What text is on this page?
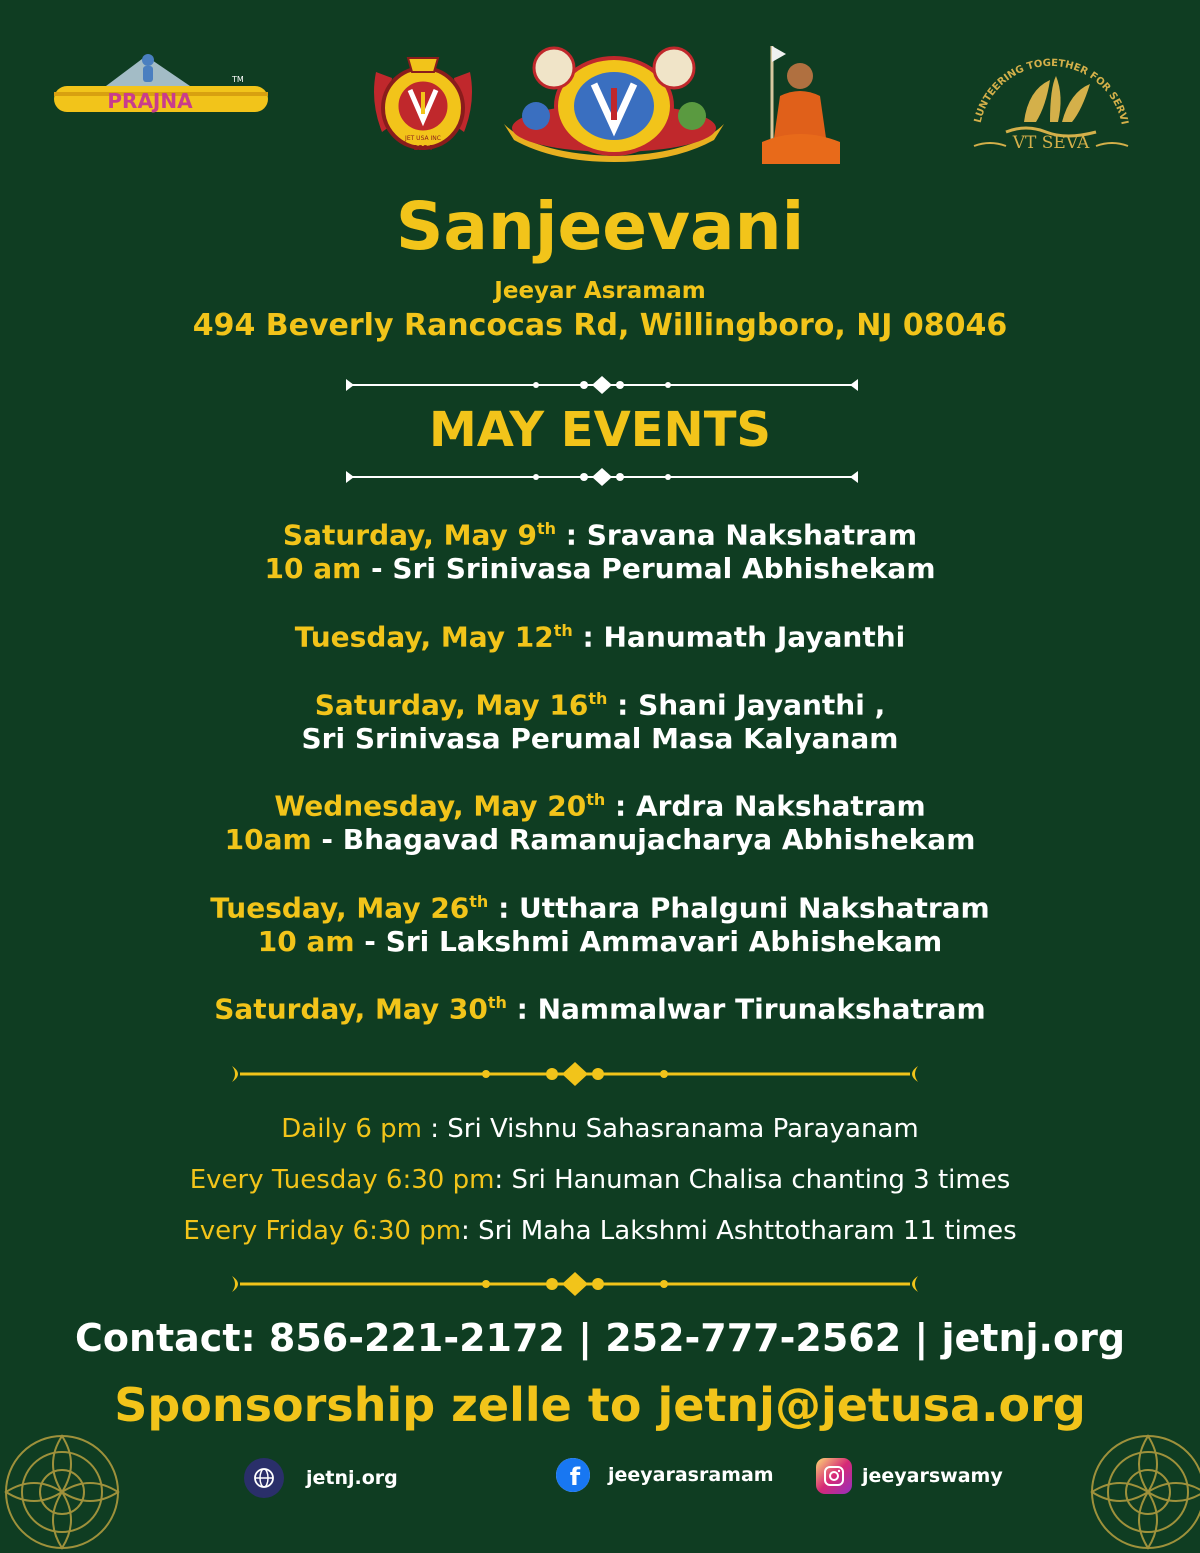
PRAJNA
TM
JET USA INC
1994
LUNTEERING TOGETHER FOR SERVI
VT SEVA
Sanjeevani
Jeeyar Asramam
494 Beverly Rancocas Rd, Willingboro, NJ 08046
MAY EVENTS
Saturday, May 9th : Sravana Nakshatram
10 am - Sri Srinivasa Perumal Abhishekam
Tuesday, May 12th : Hanumath Jayanthi
Saturday, May 16th : Shani Jayanthi ,
Sri Srinivasa Perumal Masa Kalyanam
Wednesday, May 20th : Ardra Nakshatram
10am - Bhagavad Ramanujacharya Abhishekam
Tuesday, May 26th : Utthara Phalguni Nakshatram
10 am - Sri Lakshmi Ammavari Abhishekam
Saturday, May 30th : Nammalwar Tirunakshatram
Daily 6 pm : Sri Vishnu Sahasranama Parayanam
Every Tuesday 6:30 pm: Sri Hanuman Chalisa chanting 3 times
Every Friday 6:30 pm: Sri Maha Lakshmi Ashttotharam 11 times
Contact: 856-221-2172 | 252-777-2562 | jetnj.org
Sponsorship zelle to jetnj@jetusa.org
jetnj.org	f jeeyarasramam	jeeyarswamy
